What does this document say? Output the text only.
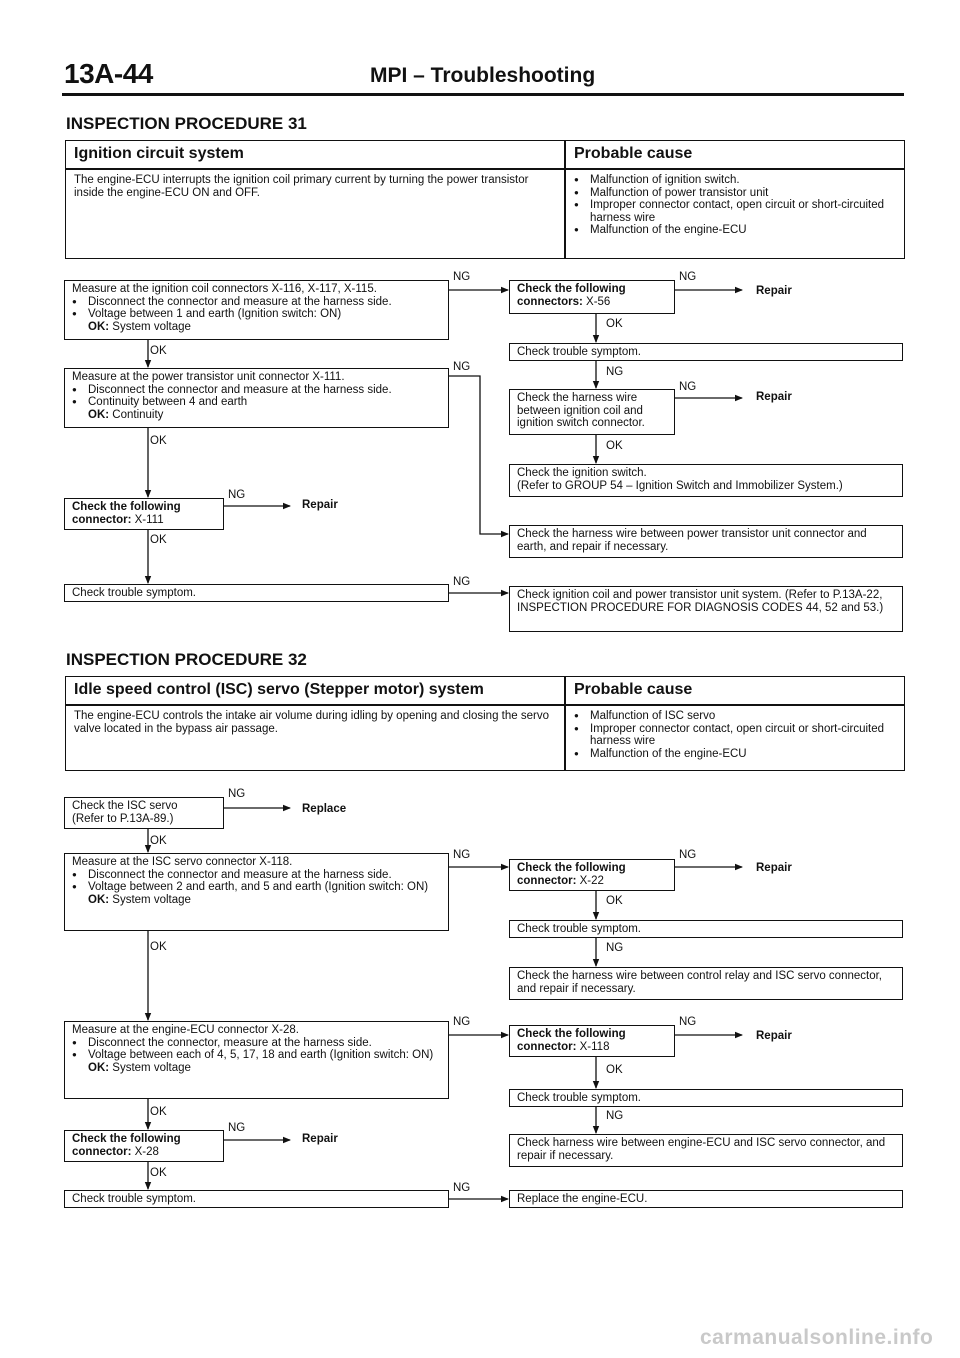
13A-44	MPI – Troubleshooting
INSPECTION PROCEDURE 31
Ignition circuit system	Probable cause
The engine-ECU interrupts the ignition coil primary current by turning the power transistor inside the engine-ECU ON and OFF.
● Malfunction of ignition switch.
● Malfunction of power transistor unit
● Improper connector contact, open circuit or short-circuited harness wire
● Malfunction of the engine-ECU
Measure at the ignition coil connectors X-116, X-117, X-115.
● Disconnect the connector and measure at the harness side.
● Voltage between 1 and earth (Ignition switch: ON)
OK: System voltage
Check the following connectors: X-56
Check trouble symptom.
Check the harness wire between ignition coil and ignition switch connector.
Measure at the power transistor unit connector X-111.
● Disconnect the connector and measure at the harness side.
● Continuity between 4 and earth
OK: Continuity
Check the ignition switch.
(Refer to GROUP 54 – Ignition Switch and Immobilizer System.)
Check the following connector: X-111
Check the harness wire between power transistor unit connector and earth, and repair if necessary.
Check trouble symptom.	Check ignition coil and power transistor unit system. (Refer to P.13A-22, INSPECTION PROCEDURE FOR DIAGNOSIS CODES 44, 52 and 53.)
NG	NG
Repair
OK
OK
NG	NG
NG
Repair
OK	OK
NG
Repair
OK
NG
INSPECTION PROCEDURE 32
Idle speed control (ISC) servo (Stepper motor) system	Probable cause
The engine-ECU controls the intake air volume during idling by opening and closing the servo valve located in the bypass air passage.
● Malfunction of ISC servo
● Improper connector contact, open circuit or short-circuited harness wire
● Malfunction of the engine-ECU
Check the ISC servo
(Refer to P.13A-89.)
Measure at the ISC servo connector X-118.
● Disconnect the connector and measure at the harness side.
● Voltage between 2 and earth, and 5 and earth (Ignition switch: ON)
OK: System voltage
Check the following connector: X-22
Check trouble symptom.
Check the harness wire between control relay and ISC servo connector, and repair if necessary.
Measure at the engine-ECU connector X-28.
● Disconnect the connector, measure at the harness side.
● Voltage between each of 4, 5, 17, 18 and earth (Ignition switch: ON)
OK: System voltage
Check the following connector: X-118
Check trouble symptom.
Check the following connector: X-28
Check harness wire between engine-ECU and ISC servo connector, and repair if necessary.
Check trouble symptom.	Replace the engine-ECU.
NG
Replace
OK
NG	NG
Repair
OK
OK	NG
NG	NG
Repair
OK
OK	NG
NG
Repair
OK
NG
carmanualsonline.info
